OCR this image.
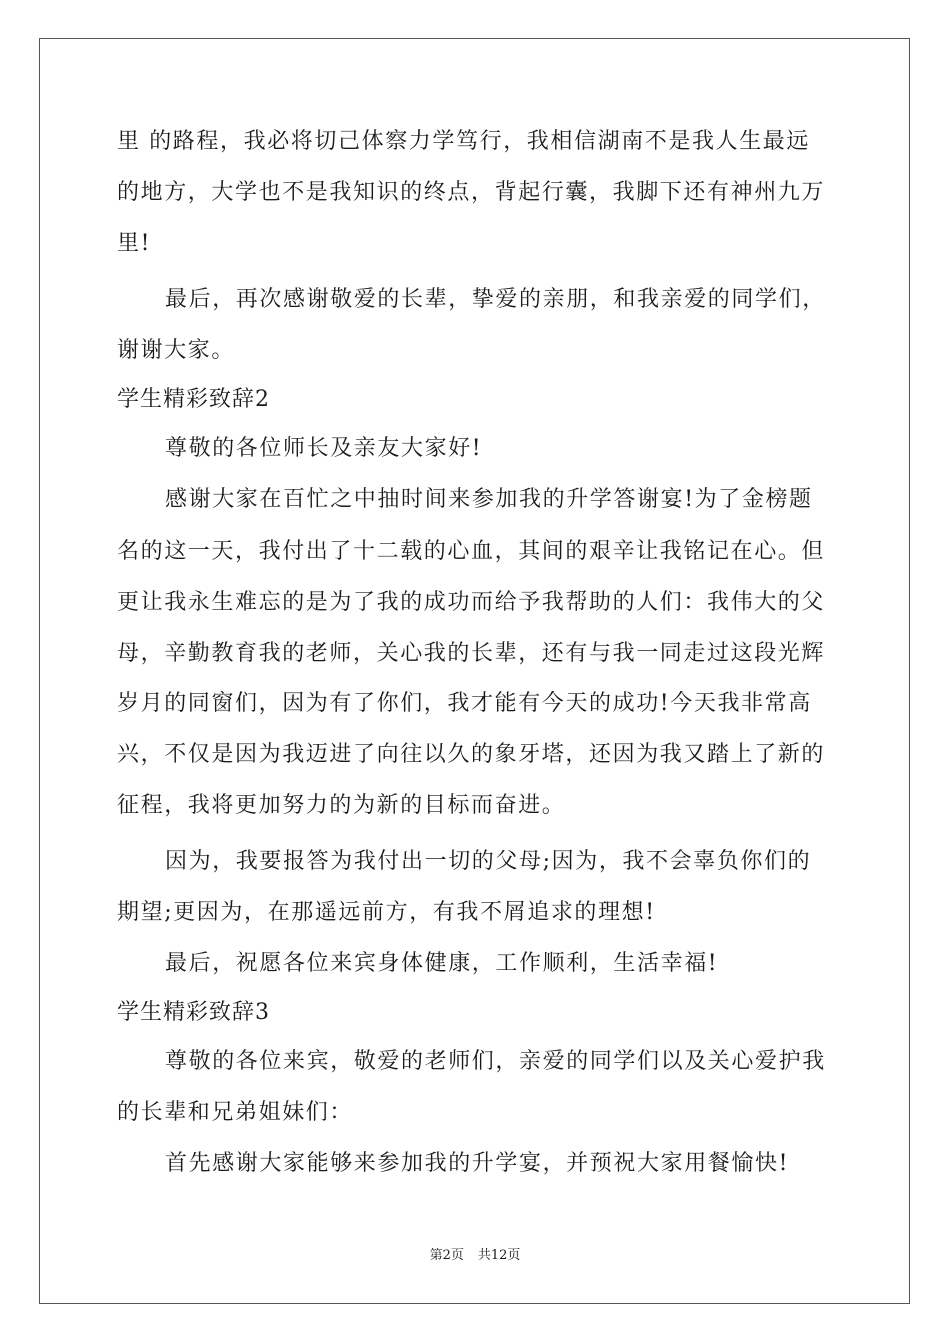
里 的路程，我必将切己体察力学笃行，我相信湖南不是我人生最远
的地方，大学也不是我知识的终点，背起行囊，我脚下还有神州九万
里!
最后，再次感谢敬爱的长辈，挚爱的亲朋，和我亲爱的同学们，
谢谢大家。
学生精彩致辞2
尊敬的各位师长及亲友大家好!
感谢大家在百忙之中抽时间来参加我的升学答谢宴!为了金榜题
名的这一天，我付出了十二载的心血，其间的艰辛让我铭记在心。但
更让我永生难忘的是为了我的成功而给予我帮助的人们：我伟大的父
母，辛勤教育我的老师，关心我的长辈，还有与我一同走过这段光辉
岁月的同窗们，因为有了你们，我才能有今天的成功!今天我非常高
兴，不仅是因为我迈进了向往以久的象牙塔，还因为我又踏上了新的
征程，我将更加努力的为新的目标而奋进。
因为，我要报答为我付出一切的父母;因为，我不会辜负你们的
期望;更因为，在那遥远前方，有我不屑追求的理想!
最后，祝愿各位来宾身体健康，工作顺利，生活幸福!
学生精彩致辞3
尊敬的各位来宾，敬爱的老师们，亲爱的同学们以及关心爱护我
的长辈和兄弟姐妹们：
首先感谢大家能够来参加我的升学宴，并预祝大家用餐愉快!
第2页 共12页
